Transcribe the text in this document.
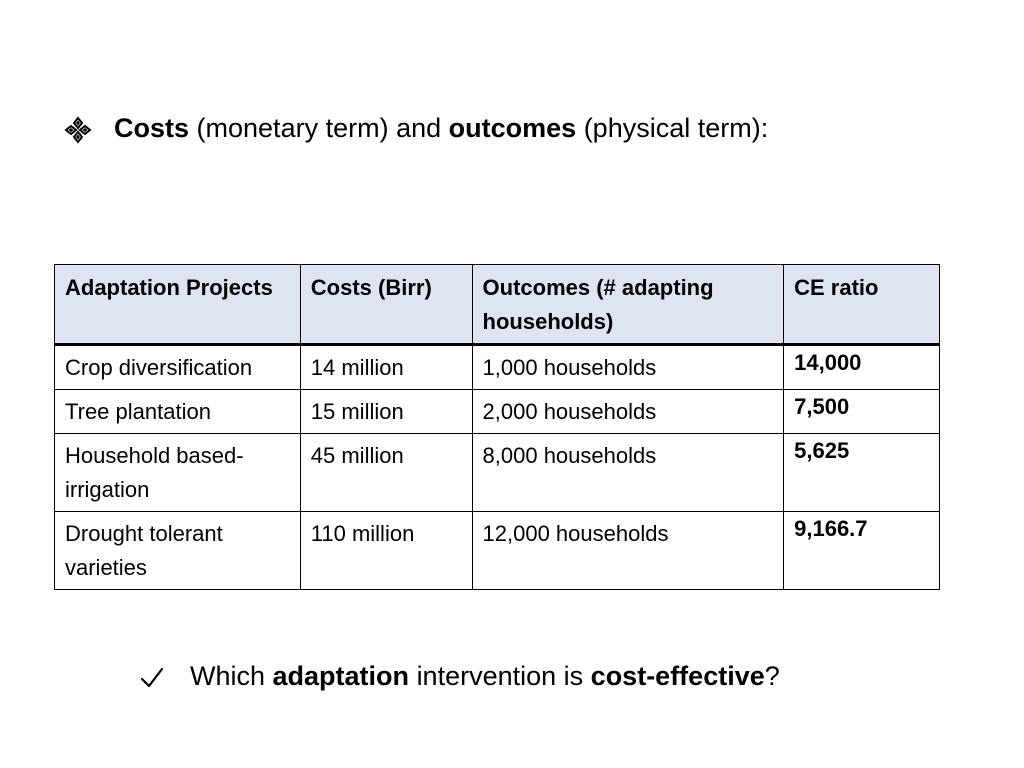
Costs (monetary term) and outcomes (physical term):
Adaptation Projects	Costs (Birr)	Outcomes (# adapting households)	CE ratio
Crop diversification	14 million	1,000 households	14,000
Tree plantation	15 million	2,000 households	7,500
Household based-irrigation	45 million	8,000 households	5,625
Drought tolerant varieties	110 million	12,000 households	9,166.7
Which adaptation intervention is cost-effective?
